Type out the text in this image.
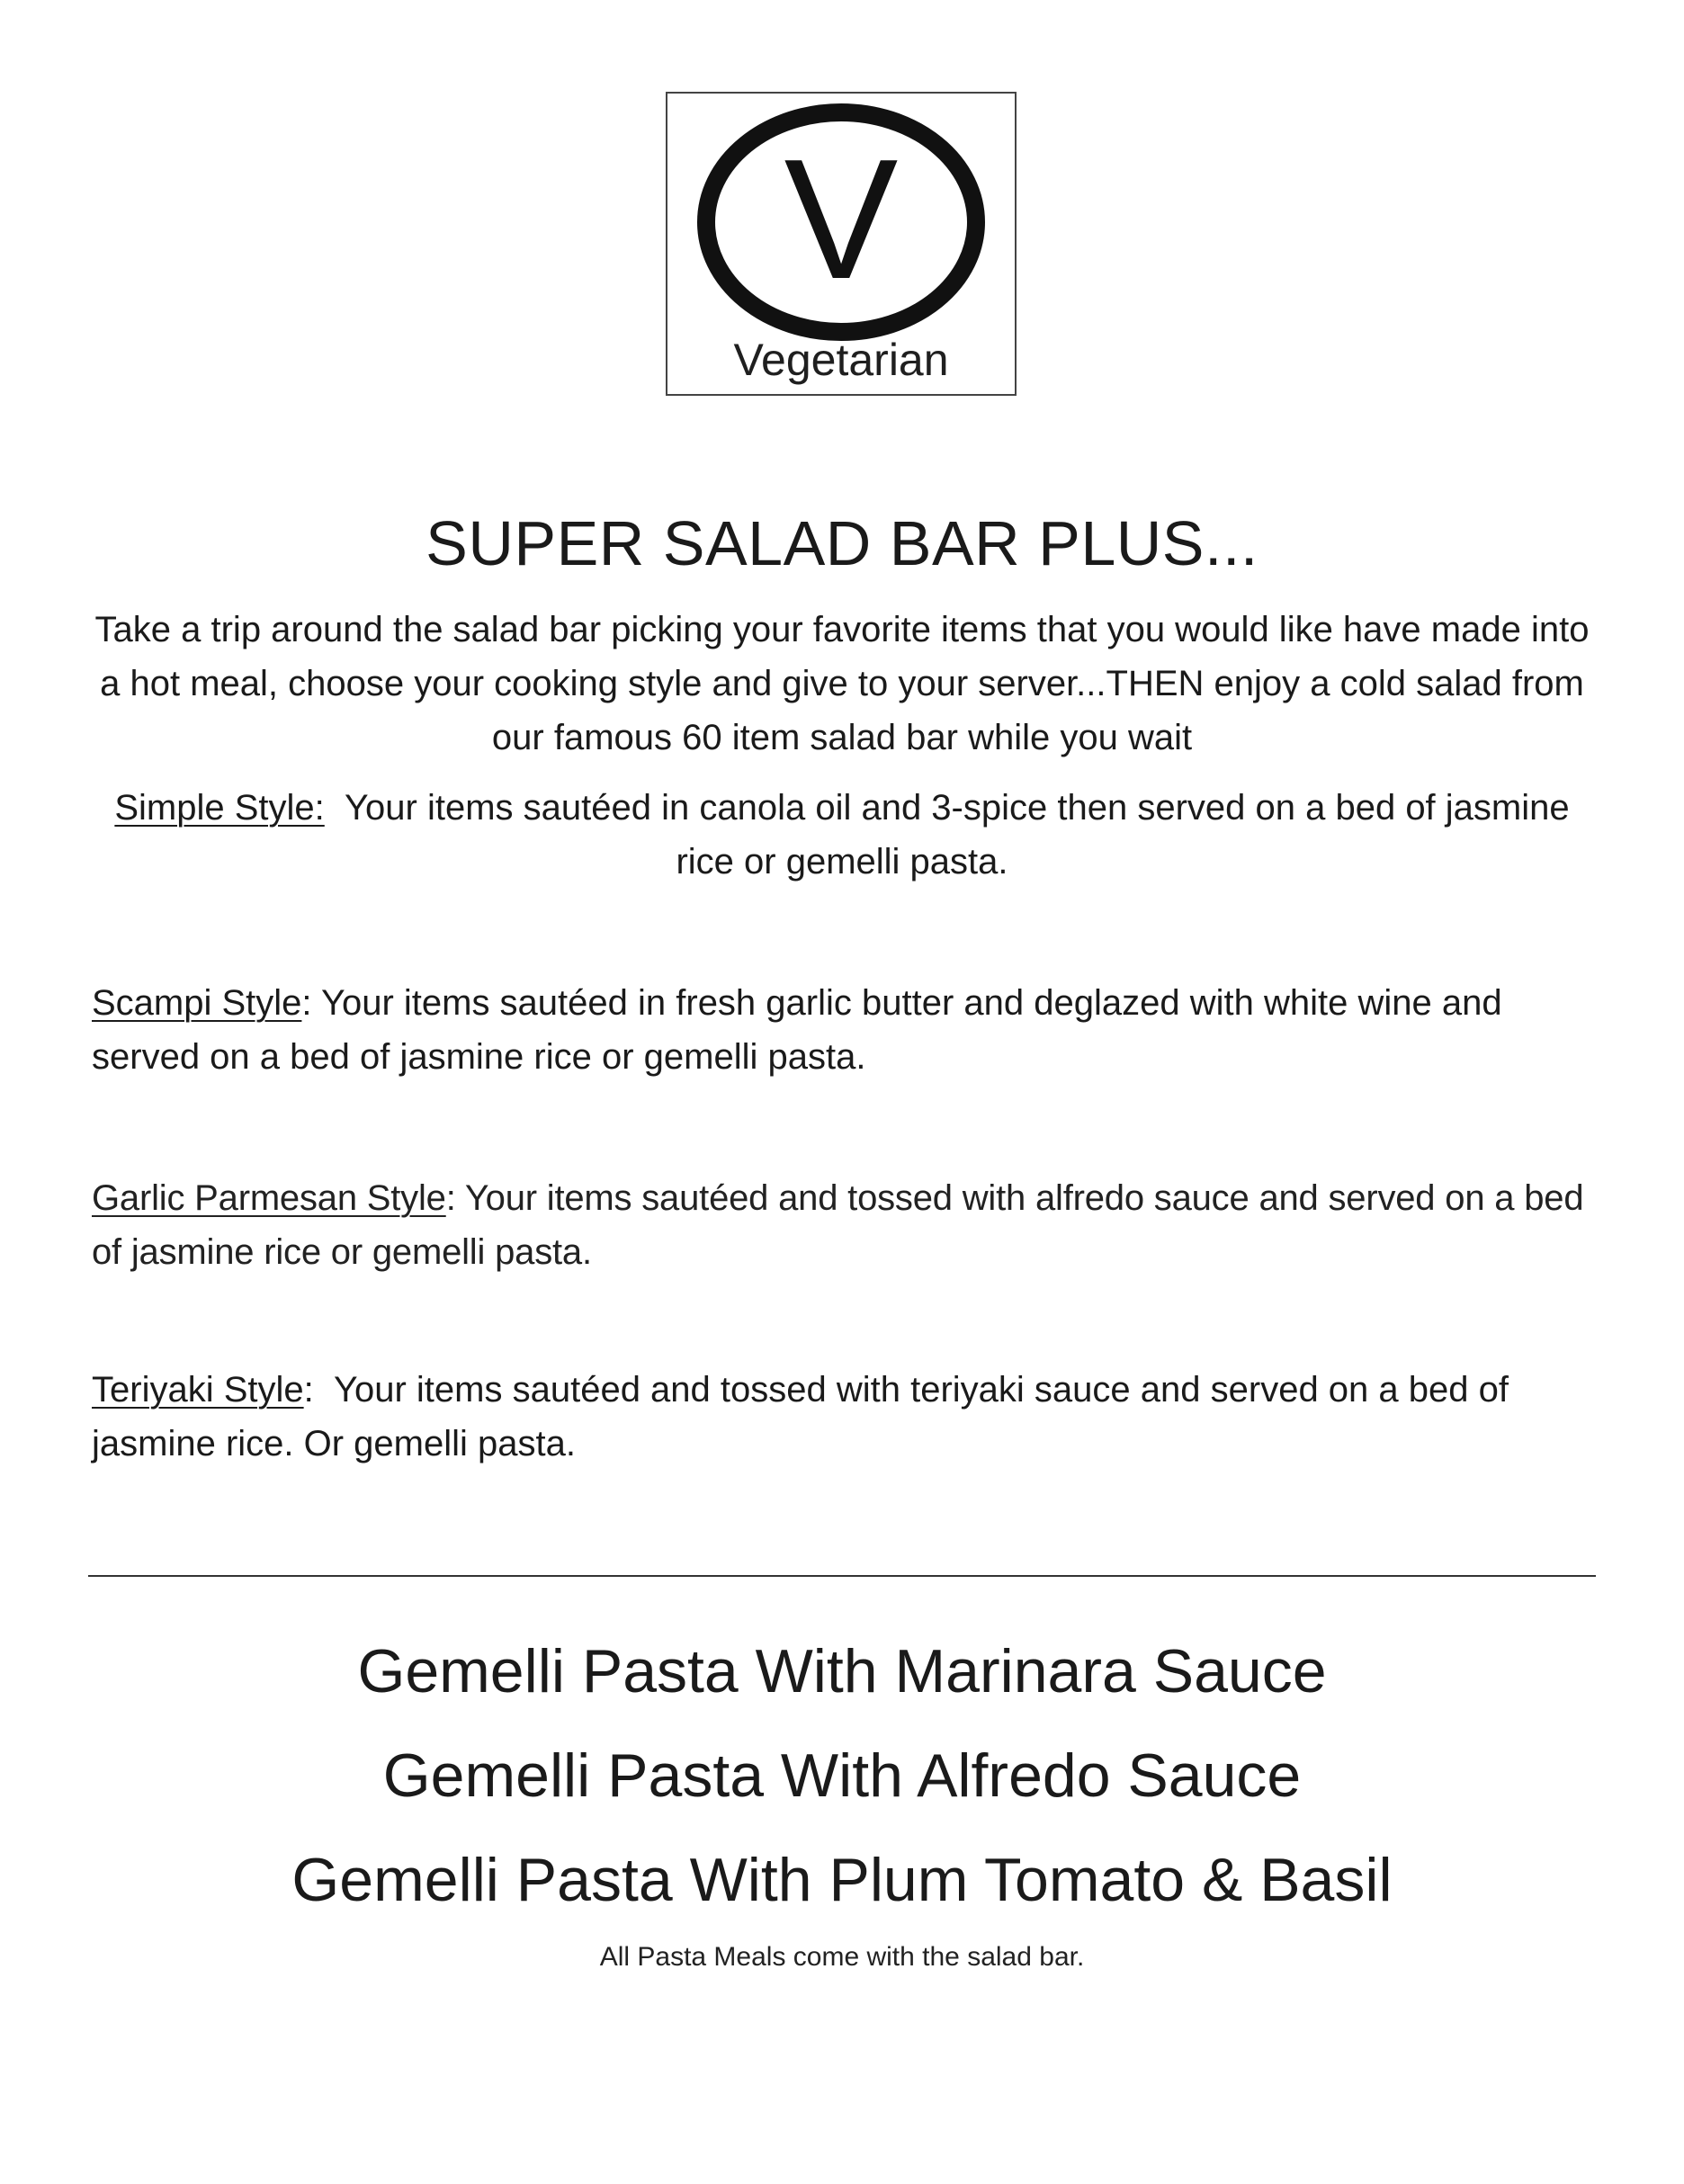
V
Vegetarian
SUPER SALAD BAR PLUS...
Take a trip around the salad bar picking your favorite items that you would like have made into a hot meal, choose your cooking style and give to your server...THEN enjoy a cold salad from our famous 60 item salad bar while you wait
Simple Style: Your items sautéed in canola oil and 3-spice then served on a bed of jasmine rice or gemelli pasta.
Scampi Style: Your items sautéed in fresh garlic butter and deglazed with white wine and served on a bed of jasmine rice or gemelli pasta.
Garlic Parmesan Style: Your items sautéed and tossed with alfredo sauce and served on a bed of jasmine rice or gemelli pasta.
Teriyaki Style: Your items sautéed and tossed with teriyaki sauce and served on a bed of jasmine rice. Or gemelli pasta.
Gemelli Pasta With Marinara Sauce
Gemelli Pasta With Alfredo Sauce
Gemelli Pasta With Plum Tomato & Basil
All Pasta Meals come with the salad bar.
